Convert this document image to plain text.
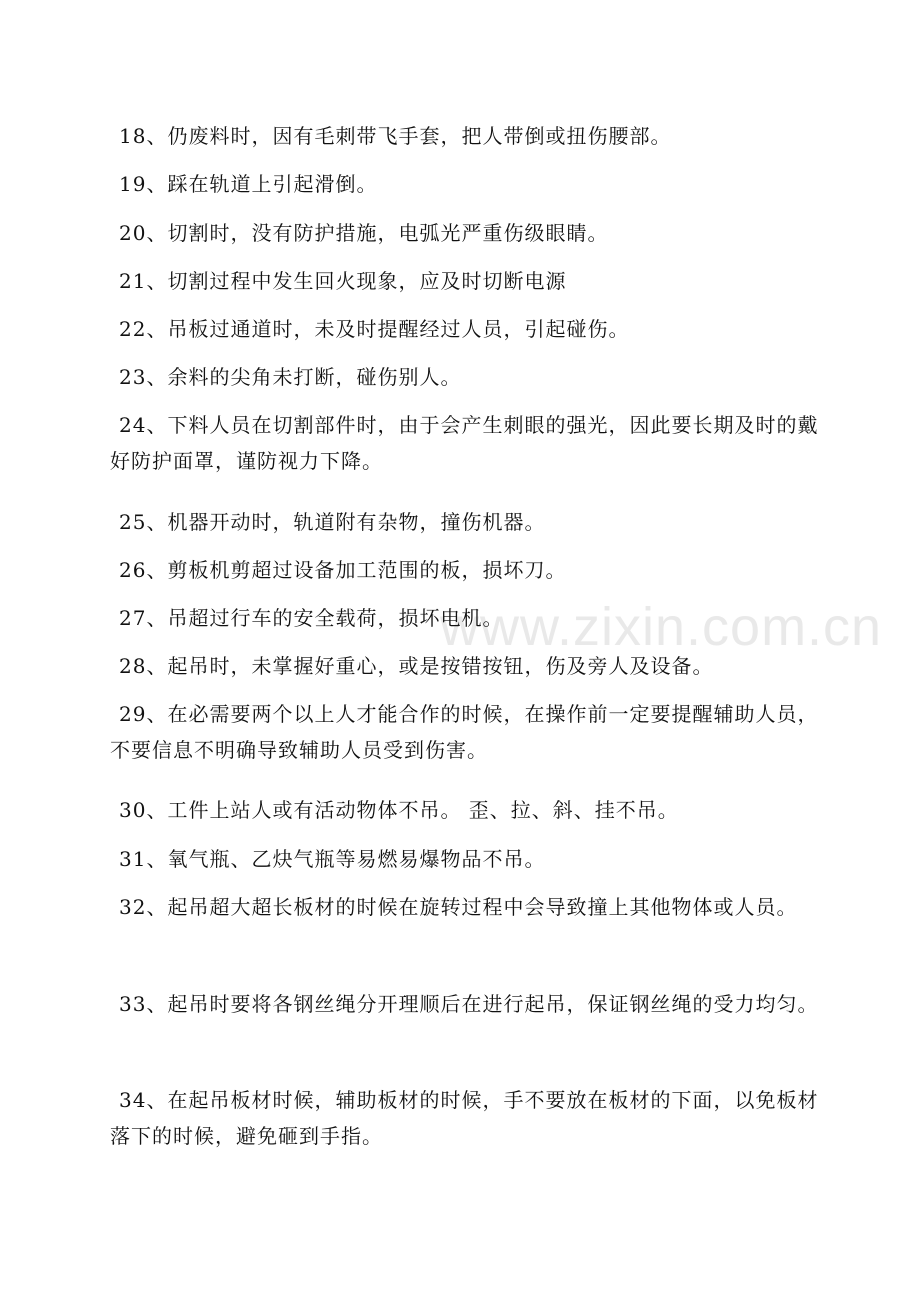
www.zixin.com.cn

18、仍废料时，因有毛刺带飞手套，把人带倒或扭伤腰部。

19、踩在轨道上引起滑倒。

20、切割时，没有防护措施，电弧光严重伤级眼睛。

21、切割过程中发生回火现象，应及时切断电源

22、吊板过通道时，未及时提醒经过人员，引起碰伤。

23、余料的尖角未打断，碰伤别人。

24、下料人员在切割部件时，由于会产生刺眼的强光，因此要长期及时的戴好防护面罩，谨防视力下降。

25、机器开动时，轨道附有杂物，撞伤机器。

26、剪板机剪超过设备加工范围的板，损坏刀。

27、吊超过行车的安全载荷，损坏电机。

28、起吊时，未掌握好重心，或是按错按钮，伤及旁人及设备。

29、在必需要两个以上人才能合作的时候，在操作前一定要提醒辅助人员，不要信息不明确导致辅助人员受到伤害。

30、工件上站人或有活动物体不吊。 歪、拉、斜、挂不吊。

31、氧气瓶、乙炔气瓶等易燃易爆物品不吊。

32、起吊超大超长板材的时候在旋转过程中会导致撞上其他物体或人员。

33、起吊时要将各钢丝绳分开理顺后在进行起吊，保证钢丝绳的受力均匀。

34、在起吊板材时候，辅助板材的时候，手不要放在板材的下面，以免板材落下的时候，避免砸到手指。
